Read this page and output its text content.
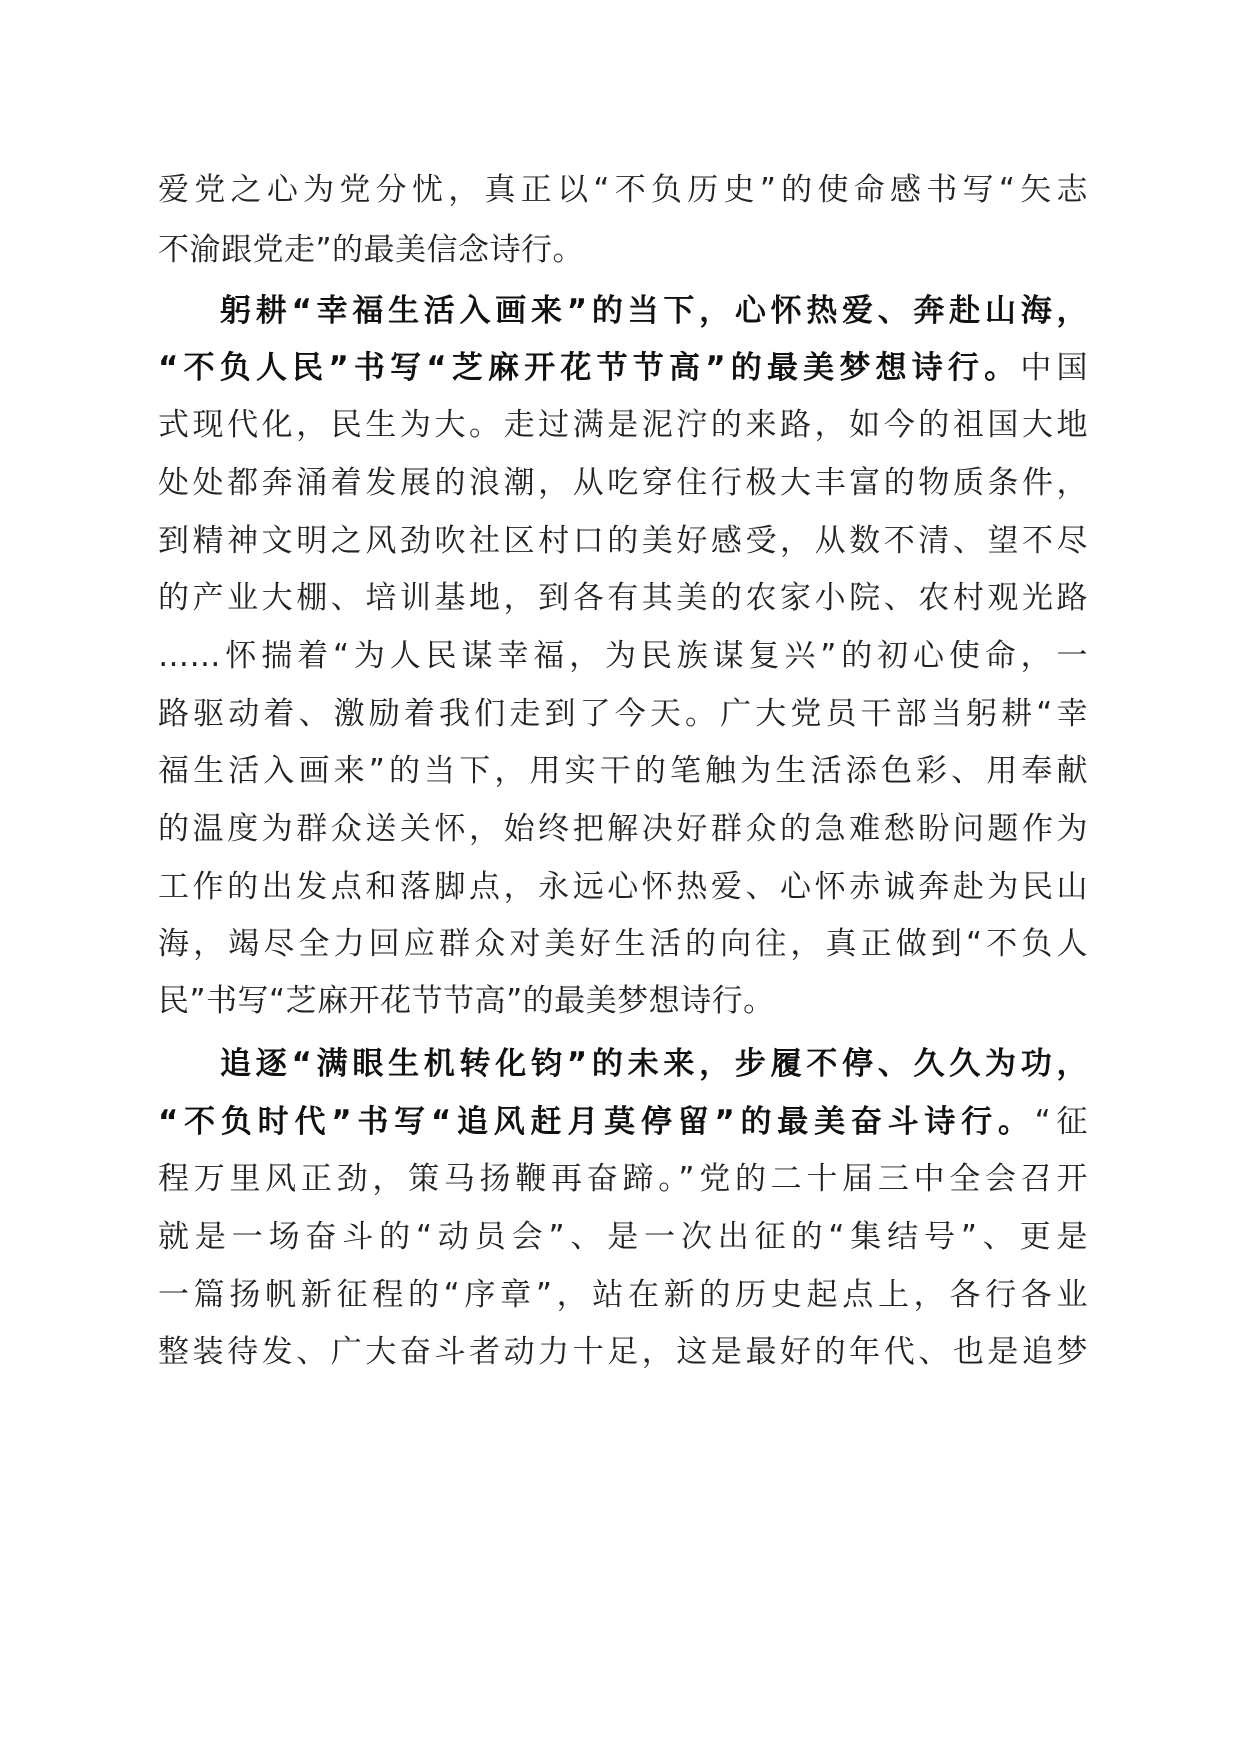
爱党之心为党分忧，真正以“不负历史”的使命感书写“矢志
不渝跟党走”的最美信念诗行。
躬耕“幸福生活入画来”的当下，心怀热爱、奔赴山海，
“不负人民”书写“芝麻开花节节高”的最美梦想诗行。中国
式现代化，民生为大。走过满是泥泞的来路，如今的祖国大地
处处都奔涌着发展的浪潮，从吃穿住行极大丰富的物质条件，
到精神文明之风劲吹社区村口的美好感受，从数不清、望不尽
的产业大棚、培训基地，到各有其美的农家小院、农村观光路
……怀揣着“为人民谋幸福，为民族谋复兴”的初心使命，一
路驱动着、激励着我们走到了今天。广大党员干部当躬耕“幸
福生活入画来”的当下，用实干的笔触为生活添色彩、用奉献
的温度为群众送关怀，始终把解决好群众的急难愁盼问题作为
工作的出发点和落脚点，永远心怀热爱、心怀赤诚奔赴为民山
海，竭尽全力回应群众对美好生活的向往，真正做到“不负人
民”书写“芝麻开花节节高”的最美梦想诗行。
追逐“满眼生机转化钧”的未来，步履不停、久久为功，
“不负时代”书写“追风赶月莫停留”的最美奋斗诗行。“征
程万里风正劲，策马扬鞭再奋蹄。”党的二十届三中全会召开
就是一场奋斗的“动员会”、是一次出征的“集结号”、更是
一篇扬帆新征程的“序章”，站在新的历史起点上，各行各业
整装待发、广大奋斗者动力十足，这是最好的年代、也是追梦
